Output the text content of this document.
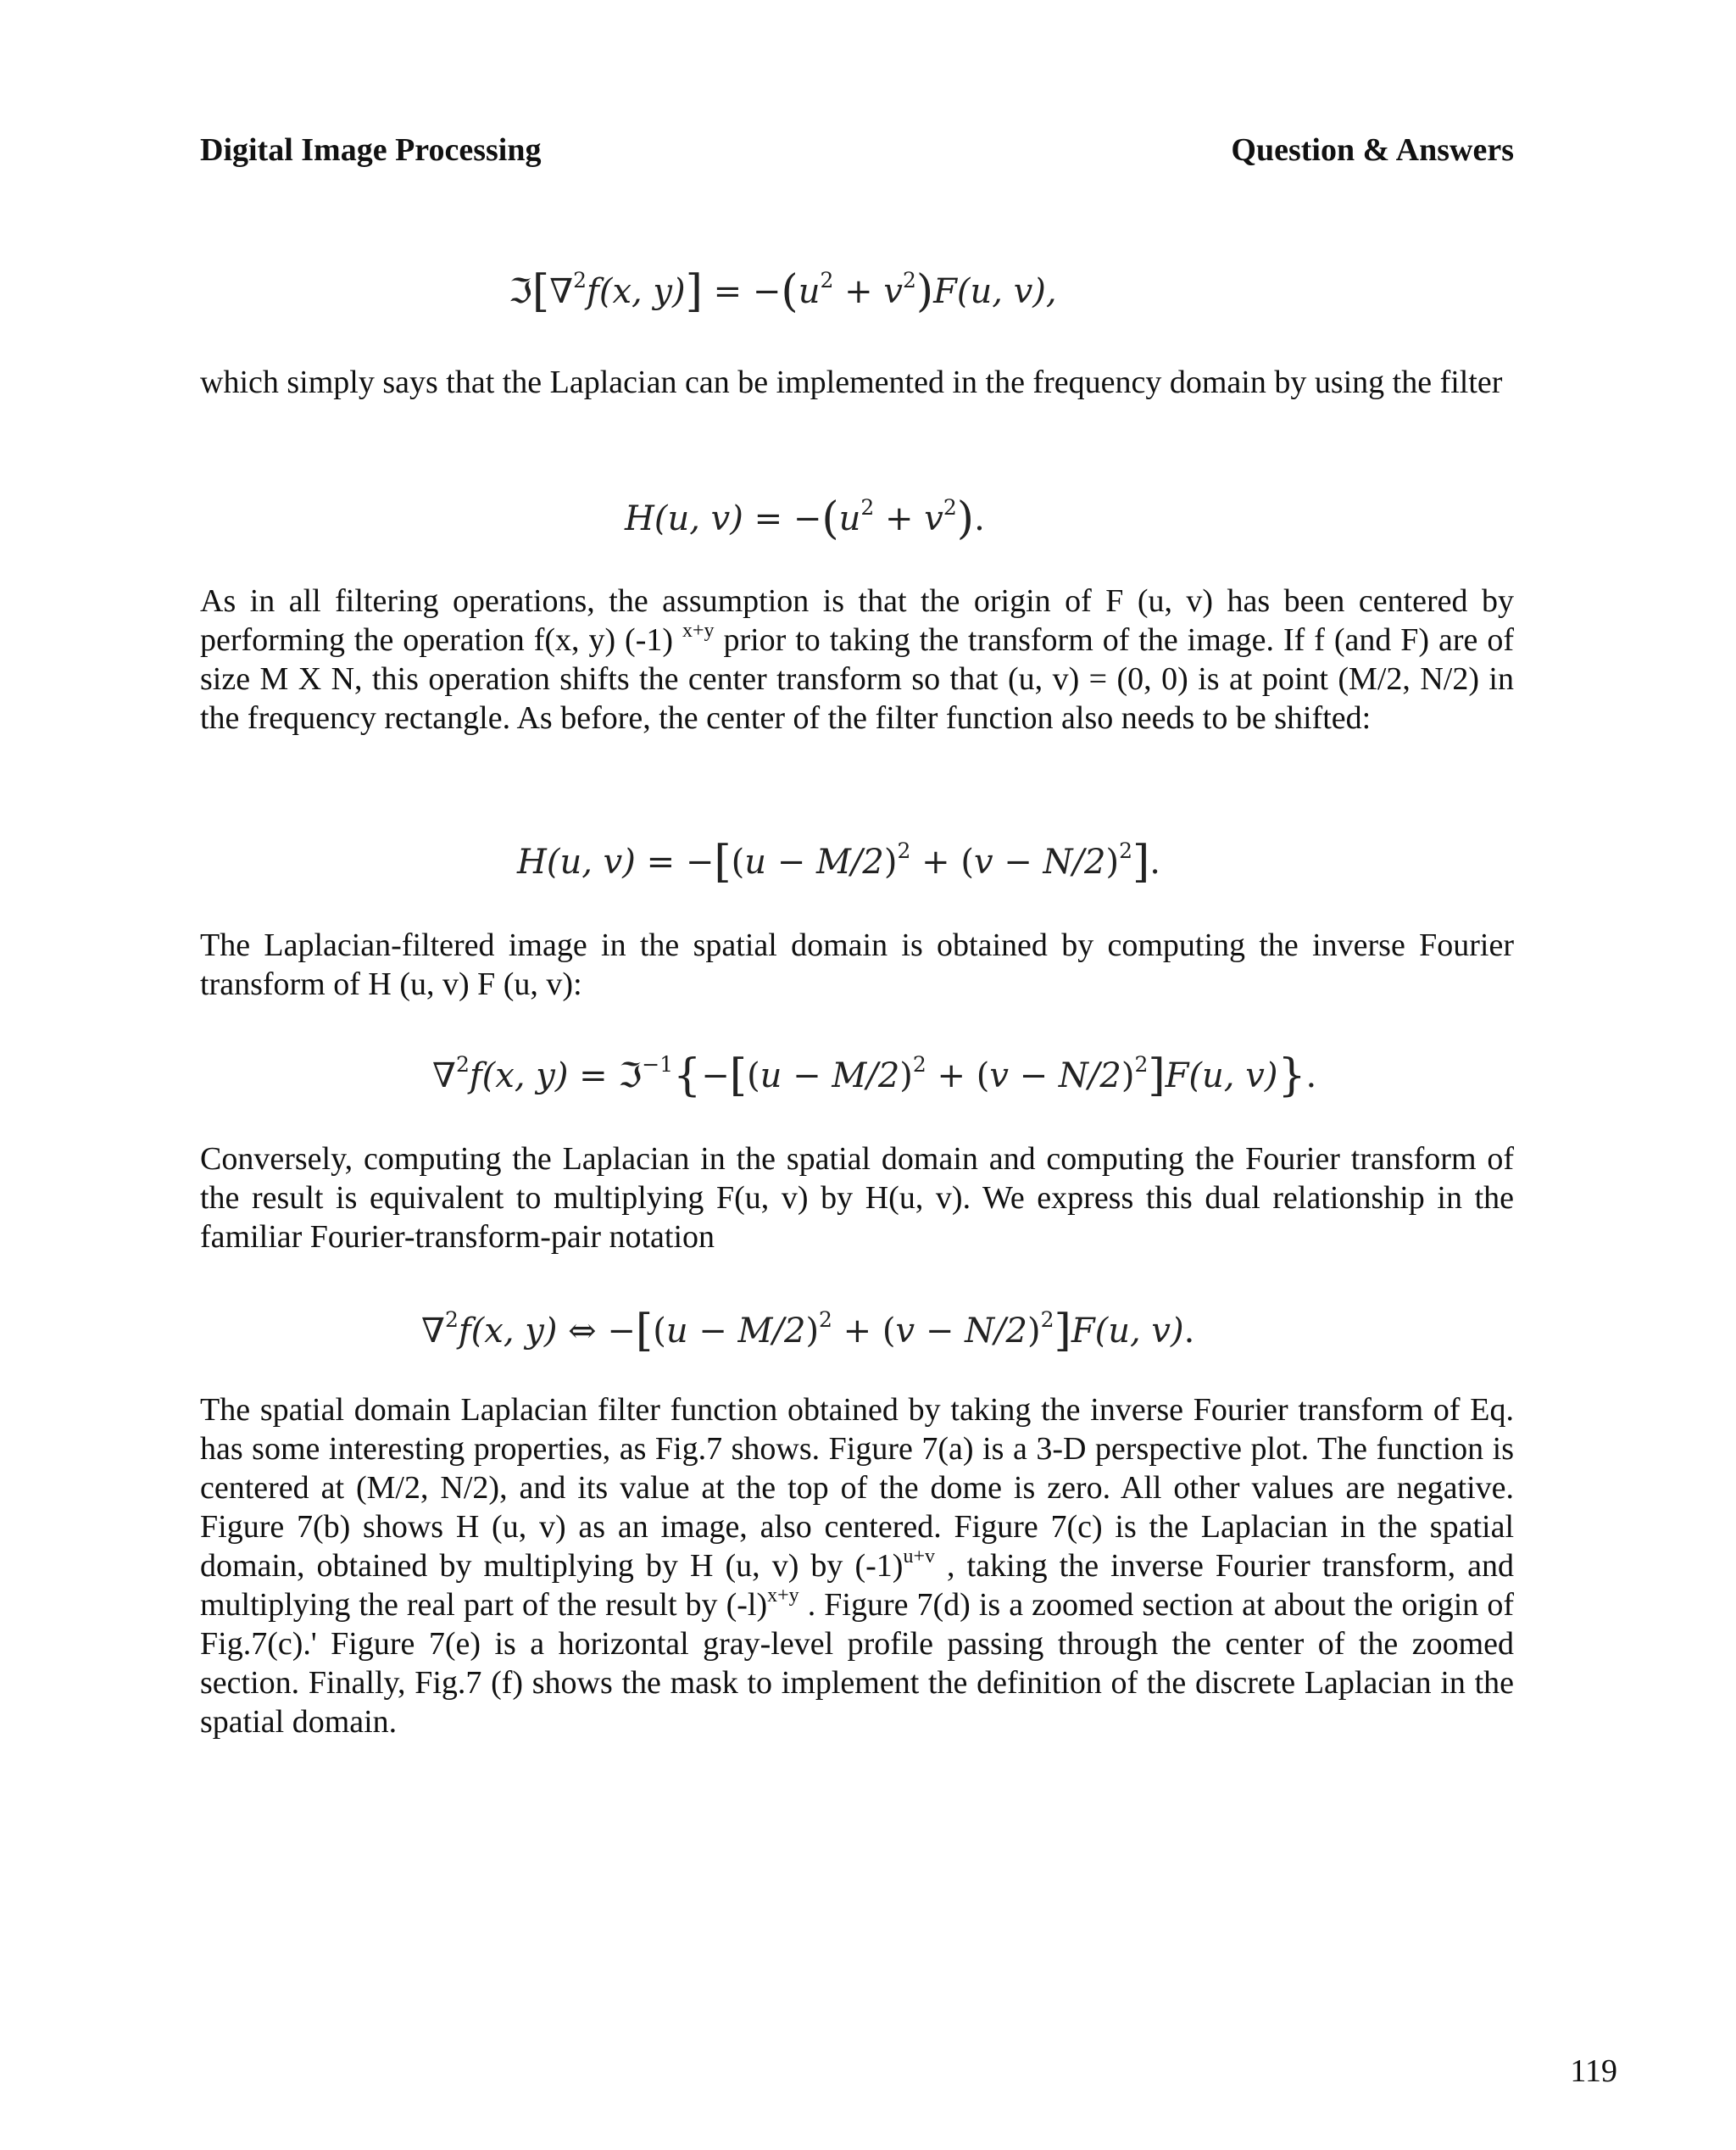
Digital Image Processing	Question & Answers
ℑ[∇$^2$f(x, $y)] = -(u^2 + v^2)F(u$, v),
which simply says that the Laplacian can be implemented in the frequency domain by using the filter
H(u, $v) = -(u^2 + v^2)$.
As in all filtering operations, the assumption is that the origin of F (u, v) has been centered by performing the operation f(x, y) (-1) $^{x+y}$ prior to taking the transform of the image. If f (and F) are of size M X N, this operation shifts the center transform so that (u, v) = (0, 0) is at point (M/2, N/2) in the frequency rectangle. As before, the center of the filter function also needs to be shifted:
H(u, $v) = -[(u - M/2)^2 + (v - N/2)^2]$.
The Laplacian-filtered image in the spatial domain is obtained by computing the inverse Fourier transform of H (u, v) F (u, v):
∇$^2$f(x, y) = ℑ$^{-1}${−[(u − $M/2)^2 + (v - N/2)^2]F(u$, v)}.
Conversely, computing the Laplacian in the spatial domain and computing the Fourier transform of the result is equivalent to multiplying F(u, v) by H(u, v). We express this dual relationship in the familiar Fourier-transform-pair notation
∇$^2$f(x, y) ⇔ $-[(u - M/2)^2 + (v - N/2)^2]F(u$, v).
The spatial domain Laplacian filter function obtained by taking the inverse Fourier transform of Eq. has some interesting properties, as Fig.7 shows. Figure 7(a) is a 3-D perspective plot. The function is centered at (M/2, N/2), and its value at the top of the dome is zero. All other values are negative. Figure 7(b) shows H (u, v) as an image, also centered. Figure 7(c) is the Laplacian in the spatial domain, obtained by multiplying by H (u, v) by $(-1)^{u+v}$ , taking the inverse Fourier transform, and multiplying the real part of the result by $(-l)^{x+y}$ . Figure 7(d) is a zoomed section at about the origin of Fig.7(c).' Figure 7(e) is a horizontal gray-level profile passing through the center of the zoomed section. Finally, Fig.7 (f) shows the mask to implement the definition of the discrete Laplacian in the spatial domain.
119
